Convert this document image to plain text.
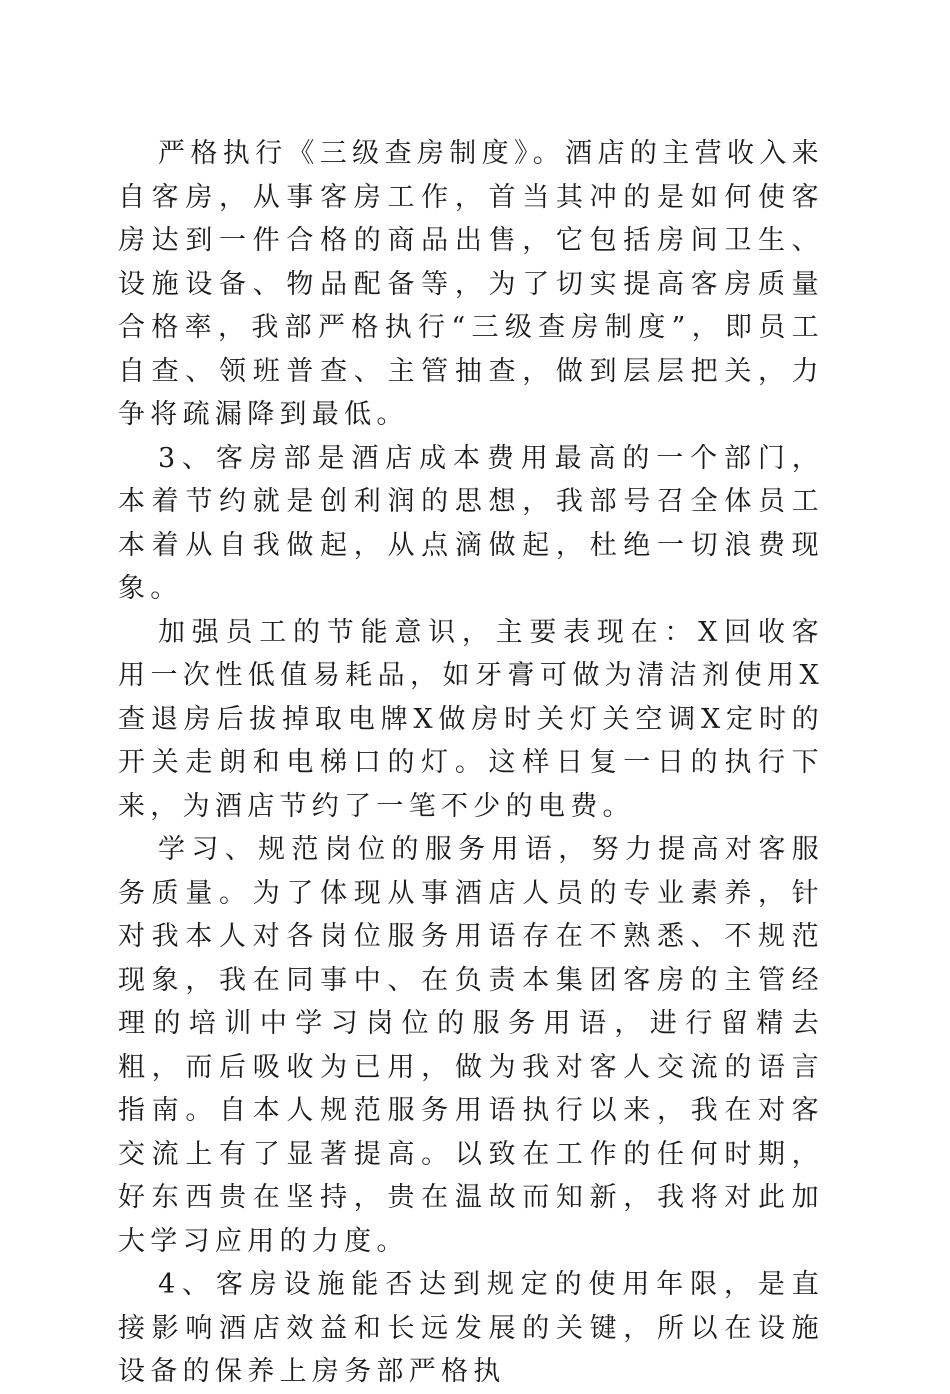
严格执行《三级查房制度》。酒店的主营收入来自客房，从事客房工作，首当其冲的是如何使客房达到一件合格的商品出售，它包括房间卫生、设施设备、物品配备等，为了切实提高客房质量合格率，我部严格执行“三级查房制度”，即员工自查、领班普查、主管抽查，做到层层把关，力争将疏漏降到最低。

3、客房部是酒店成本费用最高的一个部门，本着节约就是创利润的思想，我部号召全体员工本着从自我做起，从点滴做起，杜绝一切浪费现象。

加强员工的节能意识，主要表现在：X回收客用一次性低值易耗品，如牙膏可做为清洁剂使用X查退房后拔掉取电牌X做房时关灯关空调X定时的开关走朗和电梯口的灯。这样日复一日的执行下来，为酒店节约了一笔不少的电费。

学习、规范岗位的服务用语，努力提高对客服务质量。为了体现从事酒店人员的专业素养，针对我本人对各岗位服务用语存在不熟悉、不规范现象，我在同事中、在负责本集团客房的主管经理的培训中学习岗位的服务用语，进行留精去粗，而后吸收为已用，做为我对客人交流的语言指南。自本人规范服务用语执行以来，我在对客交流上有了显著提高。以致在工作的任何时期，好东西贵在坚持，贵在温故而知新，我将对此加大学习应用的力度。

4、客房设施能否达到规定的使用年限，是直接影响酒店效益和长远发展的关键，所以在设施设备的保养上房务部严格执
